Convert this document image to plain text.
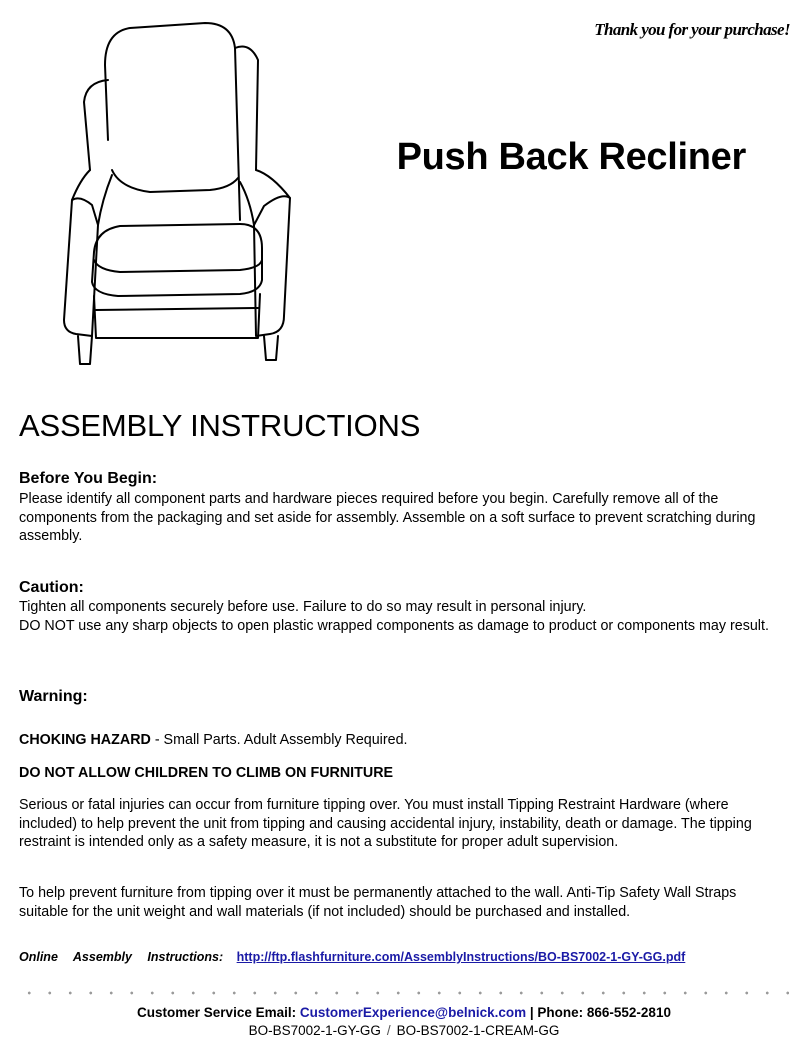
Thank you for your purchase!
Push Back Recliner
ASSEMBLY INSTRUCTIONS
Before You Begin:
Please identify all component parts and hardware pieces required before you begin. Carefully remove all of the components from the packaging and set aside for assembly. Assemble on a soft surface to prevent scratching during assembly.
Caution:
Tighten all components securely before use. Failure to do so may result in personal injury.
DO NOT use any sharp objects to open plastic wrapped components as damage to product or components may result.
Warning:
CHOKING HAZARD - Small Parts. Adult Assembly Required.
DO NOT ALLOW CHILDREN TO CLIMB ON FURNITURE
Serious or fatal injuries can occur from furniture tipping over. You must install Tipping Restraint Hardware (where included) to help prevent the unit from tipping and causing accidental injury, instability, death or damage. The tipping restraint is intended only as a safety measure, it is not a substitute for proper adult supervision.
To help prevent furniture from tipping over it must be permanently attached to the wall. Anti-Tip Safety Wall Straps suitable for the unit weight and wall materials (if not included) should be purchased and installed.
Online Assembly Instructions: http://ftp.flashfurniture.com/AssemblyInstructions/BO-BS7002-1-GY-GG.pdf
Customer Service Email: CustomerExperience@belnick.com | Phone: 866-552-2810
BO-BS7002-1-GY-GG / BO-BS7002-1-CREAM-GG
